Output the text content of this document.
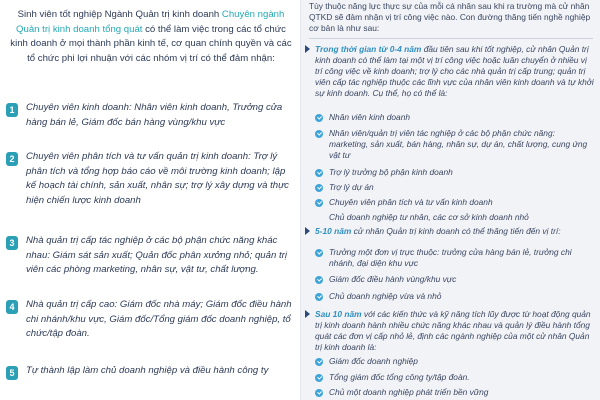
Sinh viên tốt nghiệp Ngành Quản trị kinh doanh Chuyên ngành Quản trị kinh doanh tổng quát có thể làm việc trong các tổ chức kinh doanh ở mọi thành phần kinh tế, cơ quan chính quyền và các tổ chức phi lợi nhuận với các nhóm vị trí có thể đảm nhận:
1	Chuyên viên kinh doanh: Nhân viên kinh doanh, Trưởng cửa hàng bán lẻ, Giám đốc bán hàng vùng/khu vực
2	Chuyên viên phân tích và tư vấn quản trị kinh doanh: Trợ lý phân tích và tổng hợp báo cáo về môi trường kinh doanh; lập kế hoạch tài chính, sản xuất, nhân sự; trợ lý xây dựng và thực hiện chiến lược kinh doanh
3	Nhà quản trị cấp tác nghiệp ở các bộ phận chức năng khác nhau: Giám sát sản xuất; Quản đốc phân xưởng nhỏ; quản trị viên các phòng marketing, nhân sự, vật tư, chất lượng.
4	Nhà quản trị cấp cao: Giám đốc nhà máy; Giám đốc điều hành chi nhánh/khu vực, Giám đốc/Tổng giám đốc doanh nghiệp, tổ chức/tập đoàn.
5	Tự thành lập làm chủ doanh nghiệp và điều hành công ty
Tùy thuộc năng lực thực sự của mỗi cá nhân sau khi ra trường mà cử nhân QTKD sẽ đảm nhận vị trí công việc nào. Con đường thăng tiến nghề nghiệp cơ bản là như sau:
Trong thời gian từ 0-4 năm đầu tiên sau khi tốt nghiệp, cử nhân Quản trị kinh doanh có thể làm tại một vị trí công việc hoặc luân chuyển ở nhiều vị trí công việc về kinh doanh; trợ lý cho các nhà quản trị cấp trung; quản trị viên cấp tác nghiệp thuộc các lĩnh vực của nhân viên kinh doanh và tự khởi sự kinh doanh. Cụ thể, họ có thể là:
Nhân viên kinh doanh
Nhân viên/quản trị viên tác nghiệp ở các bộ phận chức năng: marketing, sản xuất, bán hàng, nhân sự, dự án, chất lượng, cung ứng vật tư
Trợ lý trưởng bộ phận kinh doanh
Trợ lý dự án
Chuyên viên phân tích và tư vấn kinh doanh
Chủ doanh nghiệp tư nhân, các cơ sở kinh doanh nhỏ
5-10 năm cử nhân Quản trị kinh doanh có thể thăng tiến đến vị trí:
Trưởng một đơn vị trực thuộc: trưởng cửa hàng bán lẻ, trưởng chi nhánh, đại diện khu vực
Giám đốc điều hành vùng/khu vực
Chủ doanh nghiệp vừa và nhỏ
Sau 10 năm với các kiến thức và kỹ năng tích lũy được từ hoạt động quản trị kinh doanh hành nhiều chức năng khác nhau và quản lý điều hành tổng quát các đơn vị cấp nhỏ lẻ, định các ngành nghiệp của một cử nhân Quản trị kinh doanh là:
Giám đốc doanh nghiệp
Tổng giám đốc tổng công ty/tập đoàn.
Chủ một doanh nghiệp phát triển bền vững
